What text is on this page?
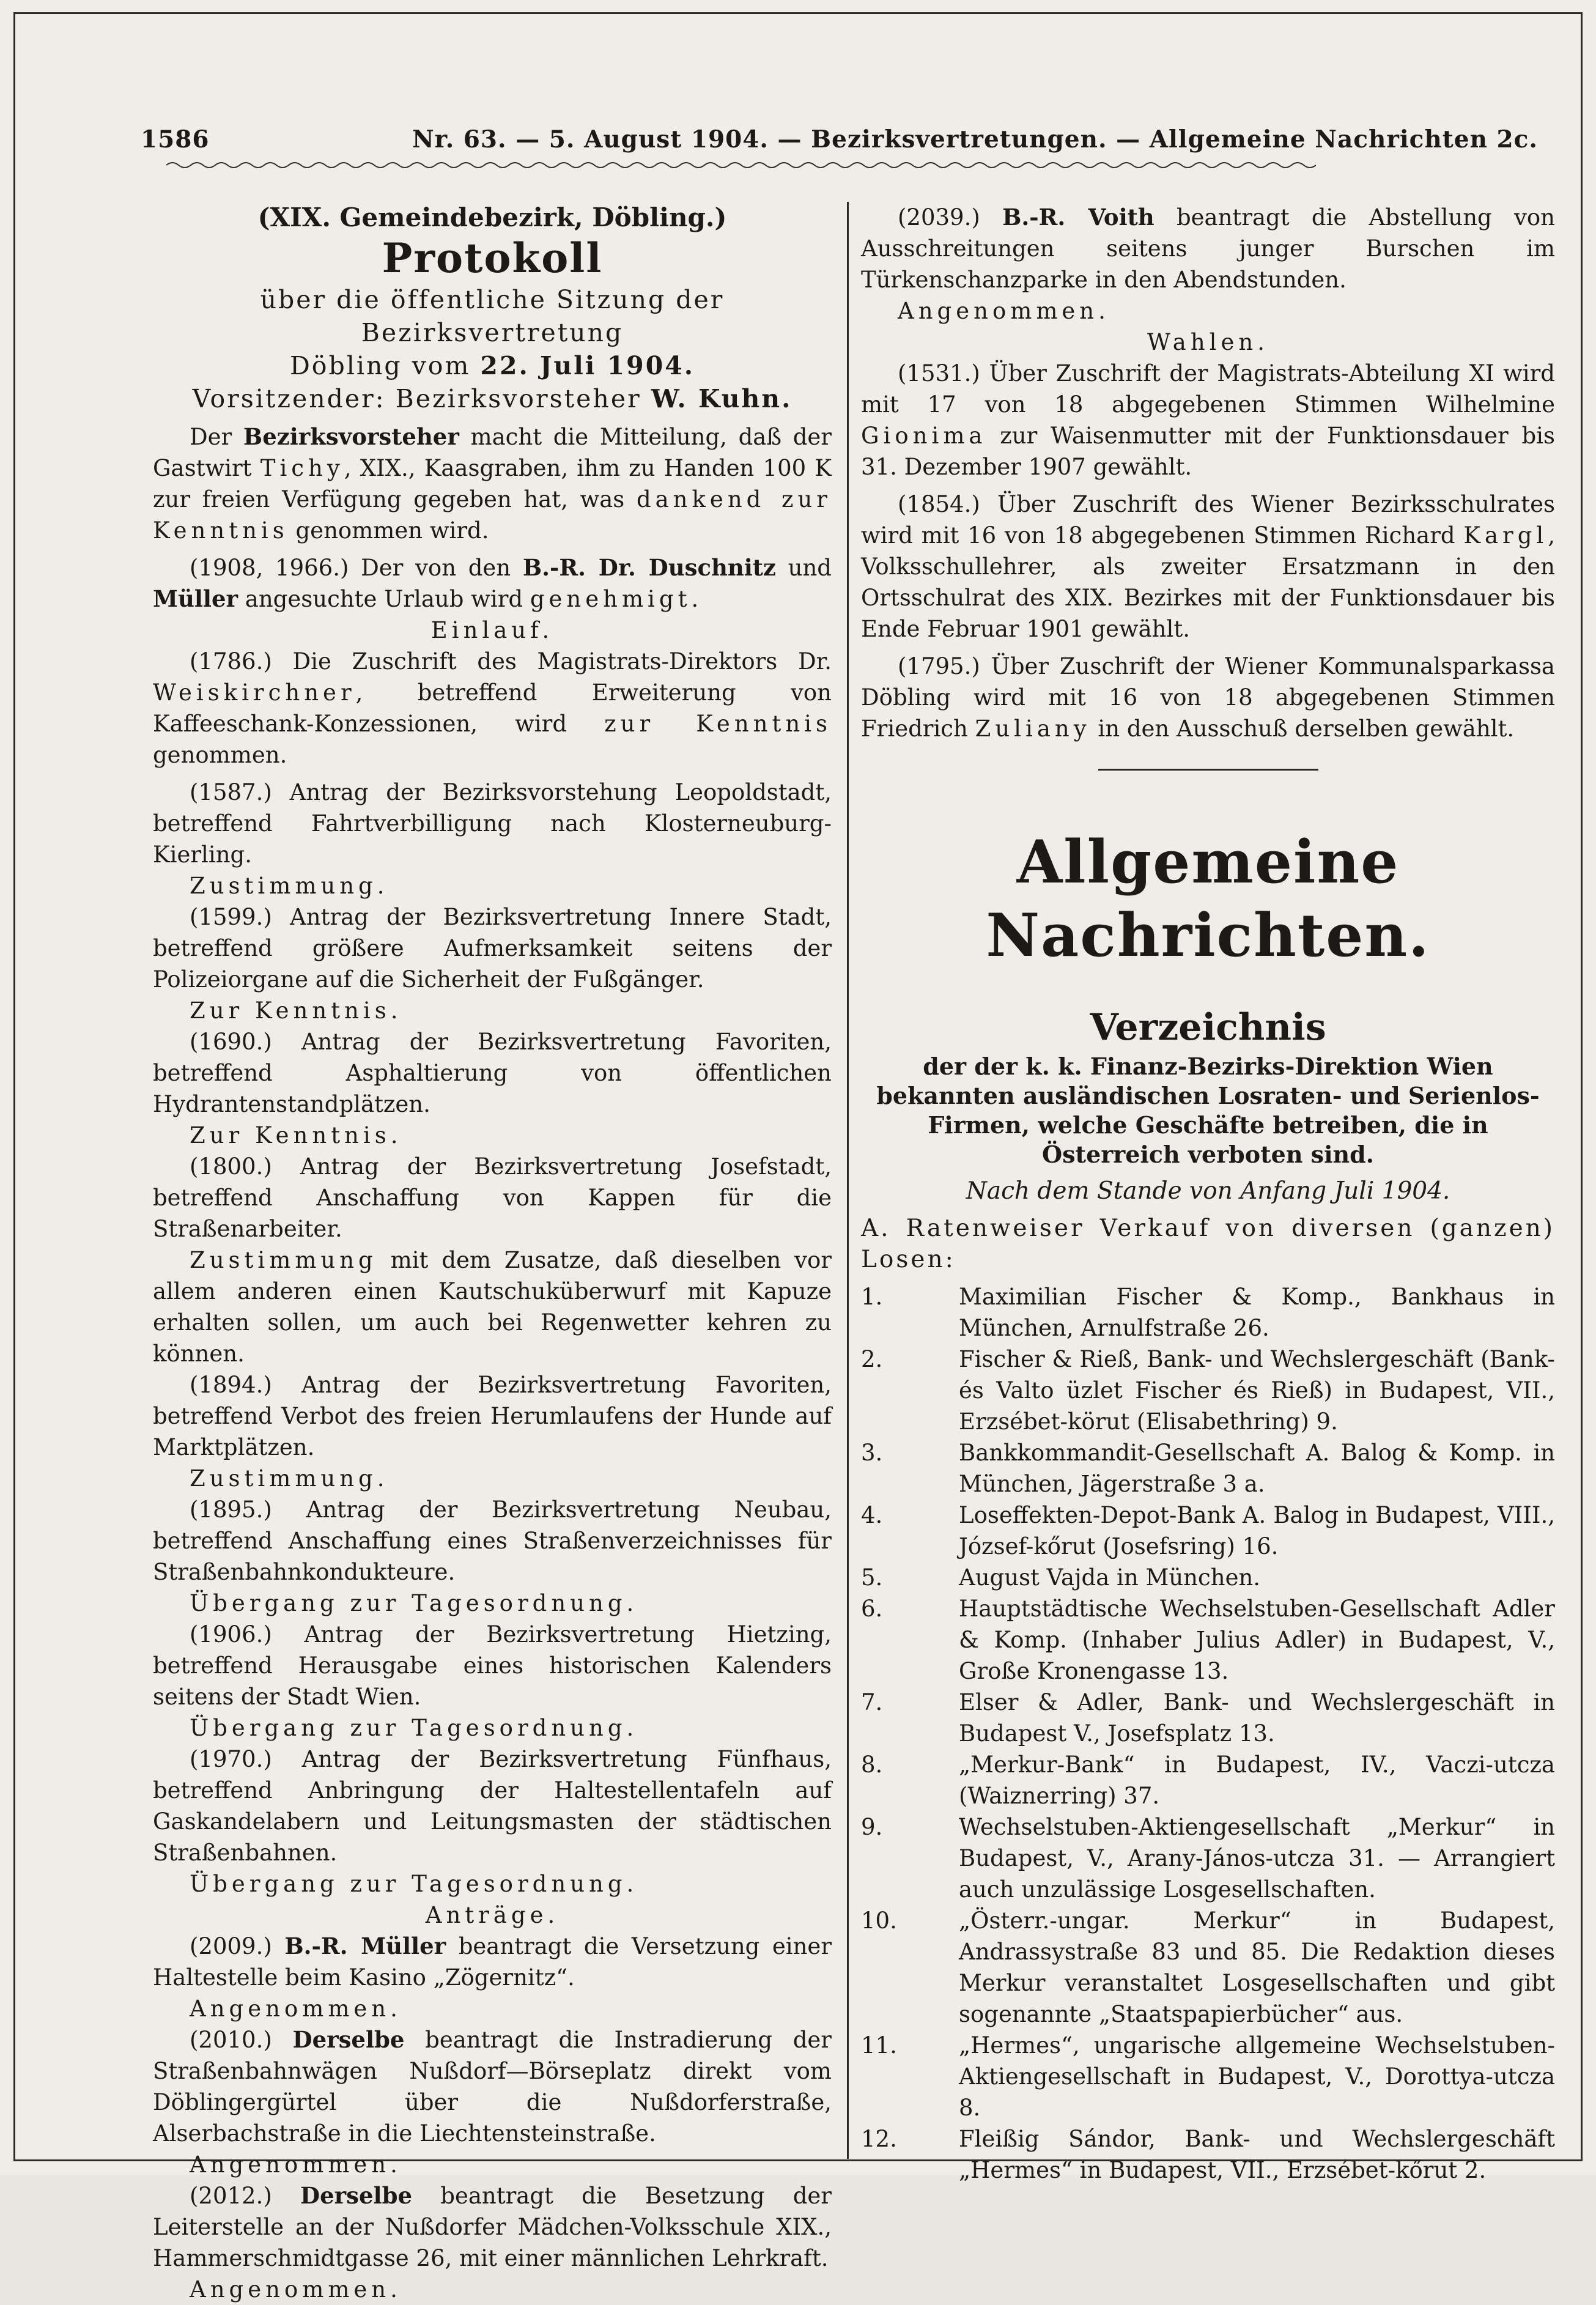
1586	Nr. 63. — 5. August 1904. — Bezirksvertretungen. — Allgemeine Nachrichten 2c.

(XIX. Gemeindebezirk, Döbling.)

Protokoll

über die öffentliche Sitzung der Bezirksvertretung

Döbling vom 22. Juli 1904.

Vorsitzender: Bezirksvorsteher W. Kuhn.

Der Bezirksvorsteher macht die Mitteilung, daß der Gastwirt Tichy, XIX., Kaasgraben, ihm zu Handen 100 K zur freien Verfügung gegeben hat, was dankend zur Kenntnis genommen wird.

(1908, 1966.) Der von den B.-R. Dr. Duschnitz und Müller angesuchte Urlaub wird genehmigt.

Einlauf.

(1786.) Die Zuschrift des Magistrats-Direktors Dr. Weiskirchner, betreffend Erweiterung von Kaffeeschank-Konzessionen, wird zur Kenntnis genommen.

(1587.) Antrag der Bezirksvorstehung Leopoldstadt, betreffend Fahrtverbilligung nach Klosterneuburg-Kierling.

Zustimmung.

(1599.) Antrag der Bezirksvertretung Innere Stadt, betreffend größere Aufmerksamkeit seitens der Polizeiorgane auf die Sicherheit der Fußgänger.

Zur Kenntnis.

(1690.) Antrag der Bezirksvertretung Favoriten, betreffend Asphaltierung von öffentlichen Hydrantenstandplätzen.

Zur Kenntnis.

(1800.) Antrag der Bezirksvertretung Josefstadt, betreffend Anschaffung von Kappen für die Straßenarbeiter.

Zustimmung mit dem Zusatze, daß dieselben vor allem anderen einen Kautschuküberwurf mit Kapuze erhalten sollen, um auch bei Regenwetter kehren zu können.

(1894.) Antrag der Bezirksvertretung Favoriten, betreffend Verbot des freien Herumlaufens der Hunde auf Marktplätzen.

Zustimmung.

(1895.) Antrag der Bezirksvertretung Neubau, betreffend Anschaffung eines Straßenverzeichnisses für Straßenbahnkondukteure.

Übergang zur Tagesordnung.

(1906.) Antrag der Bezirksvertretung Hietzing, betreffend Herausgabe eines historischen Kalenders seitens der Stadt Wien.

Übergang zur Tagesordnung.

(1970.) Antrag der Bezirksvertretung Fünfhaus, betreffend Anbringung der Haltestellentafeln auf Gaskandelabern und Leitungsmasten der städtischen Straßenbahnen.

Übergang zur Tagesordnung.

Anträge.

(2009.) B.-R. Müller beantragt die Versetzung einer Haltestelle beim Kasino „Zögernitz“.

Angenommen.

(2010.) Derselbe beantragt die Instradierung der Straßenbahnwägen Nußdorf—Börseplatz direkt vom Döblingergürtel über die Nußdorferstraße, Alserbachstraße in die Liechtensteinstraße.

Angenommen.

(2012.) Derselbe beantragt die Besetzung der Leiterstelle an der Nußdorfer Mädchen-Volksschule XIX., Hammerschmidtgasse 26, mit einer männlichen Lehrkraft.

Angenommen.

(2039.) B.-R. Voith beantragt die Abstellung von Ausschreitungen seitens junger Burschen im Türkenschanzparke in den Abendstunden.

Angenommen.

Wahlen.

(1531.) Über Zuschrift der Magistrats-Abteilung XI wird mit 17 von 18 abgegebenen Stimmen Wilhelmine Gionima zur Waisenmutter mit der Funktionsdauer bis 31. Dezember 1907 gewählt.

(1854.) Über Zuschrift des Wiener Bezirksschulrates wird mit 16 von 18 abgegebenen Stimmen Richard Kargl, Volksschullehrer, als zweiter Ersatzmann in den Ortsschulrat des XIX. Bezirkes mit der Funktionsdauer bis Ende Februar 1901 gewählt.

(1795.) Über Zuschrift der Wiener Kommunalsparkassa Döbling wird mit 16 von 18 abgegebenen Stimmen Friedrich Zuliany in den Ausschuß derselben gewählt.

Allgemeine Nachrichten.

Verzeichnis

der der k. k. Finanz-Bezirks-Direktion Wien bekannten ausländischen Losraten- und Serienlos-Firmen, welche Geschäfte betreiben, die in Österreich verboten sind.

Nach dem Stande von Anfang Juli 1904.

A. Ratenweiser Verkauf von diversen (ganzen) Losen:

1.	Maximilian Fischer & Komp., Bankhaus in München, Arnulfstraße 26.
2.	Fischer & Rieß, Bank- und Wechslergeschäft (Bank- és Valto üzlet Fischer és Rieß) in Budapest, VII., Erzsébet-körut (Elisabethring) 9.
3.	Bankkommandit-Gesellschaft A. Balog & Komp. in München, Jägerstraße 3 a.
4.	Loseffekten-Depot-Bank A. Balog in Budapest, VIII., József-kőrut (Josefsring) 16.
5.	August Vajda in München.
6.	Hauptstädtische Wechselstuben-Gesellschaft Adler & Komp. (Inhaber Julius Adler) in Budapest, V., Große Kronengasse 13.
7.	Elser & Adler, Bank- und Wechslergeschäft in Budapest V., Josefsplatz 13.
8.	„Merkur-Bank“ in Budapest, IV., Vaczi-utcza (Waiznerring) 37.
9.	Wechselstuben-Aktiengesellschaft „Merkur“ in Budapest, V., Arany-János-utcza 31. — Arrangiert auch unzulässige Losgesellschaften.
10.	„Österr.-ungar. Merkur“ in Budapest, Andrassystraße 83 und 85. Die Redaktion dieses Merkur veranstaltet Losgesellschaften und gibt sogenannte „Staatspapierbücher“ aus.
11.	„Hermes“, ungarische allgemeine Wechselstuben-Aktiengesellschaft in Budapest, V., Dorottya-utcza 8.
12.	Fleißig Sándor, Bank- und Wechslergeschäft „Hermes“ in Budapest, VII., Erzsébet-kőrut 2.
